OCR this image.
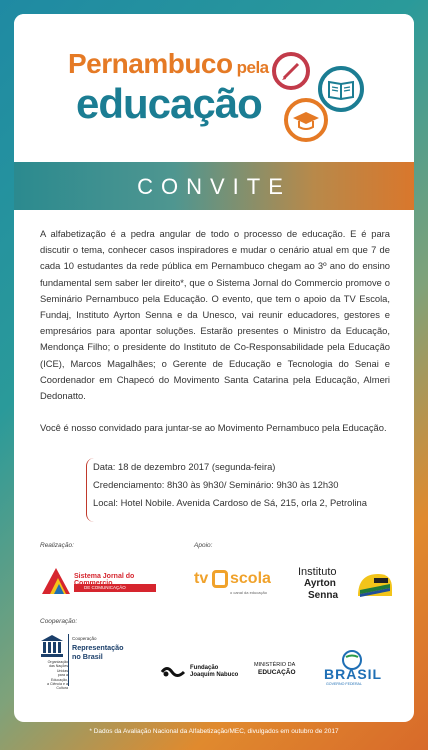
Pernambuco pela
educação
CONVITE

A alfabetização é a pedra angular de todo o processo de educação. E é para discutir o tema, conhecer casos inspiradores e mudar o cenário atual em que 7 de cada 10 estudantes da rede pública em Pernambuco chegam ao 3º ano do ensino fundamental sem saber ler direito*, que o Sistema Jornal do Commercio promove o Seminário Pernambuco pela Educação. O evento, que tem o apoio da TV Escola, Fundaj, Instituto Ayrton Senna e da Unesco, vai reunir educadores, gestores e empresários para apontar soluções. Estarão presentes o Ministro da Educação, Mendonça Filho; o presidente do Instituto de Co-Responsabilidade pela Educação (ICE), Marcos Magalhães; o Gerente de Educação e Tecnologia do Senai e Coordenador em Chapecó do Movimento Santa Catarina pela Educação, Almeri Dedonatto.

Você é nosso convidado para juntar-se ao Movimento Pernambuco pela Educação.

Data: 18 de dezembro 2017 (segunda-feira)
Credenciamento: 8h30 às 9h30/ Seminário: 9h30 às 12h30
Local: Hotel Nobile. Avenida Cardoso de Sá, 215, orla 2, Petrolina
Realização:
Sistema Jornal do
DE COMUNICAÇÃO
Apoio:
tv scola
o canal da educação
Instituto
Ayrton
Senna
Cooperação:
Organização
das Nações Unidas
para a Educação,
a Ciência e a Cultura
Cooperação
Representação
no Brasil
Fundação
Joaquim Nabuco
MINISTÉRIO DA
EDUCAÇÃO BRASIL
GOVERNO FEDERAL
* Dados da Avaliação Nacional da Alfabetização/MEC, divulgados em outubro de 2017
